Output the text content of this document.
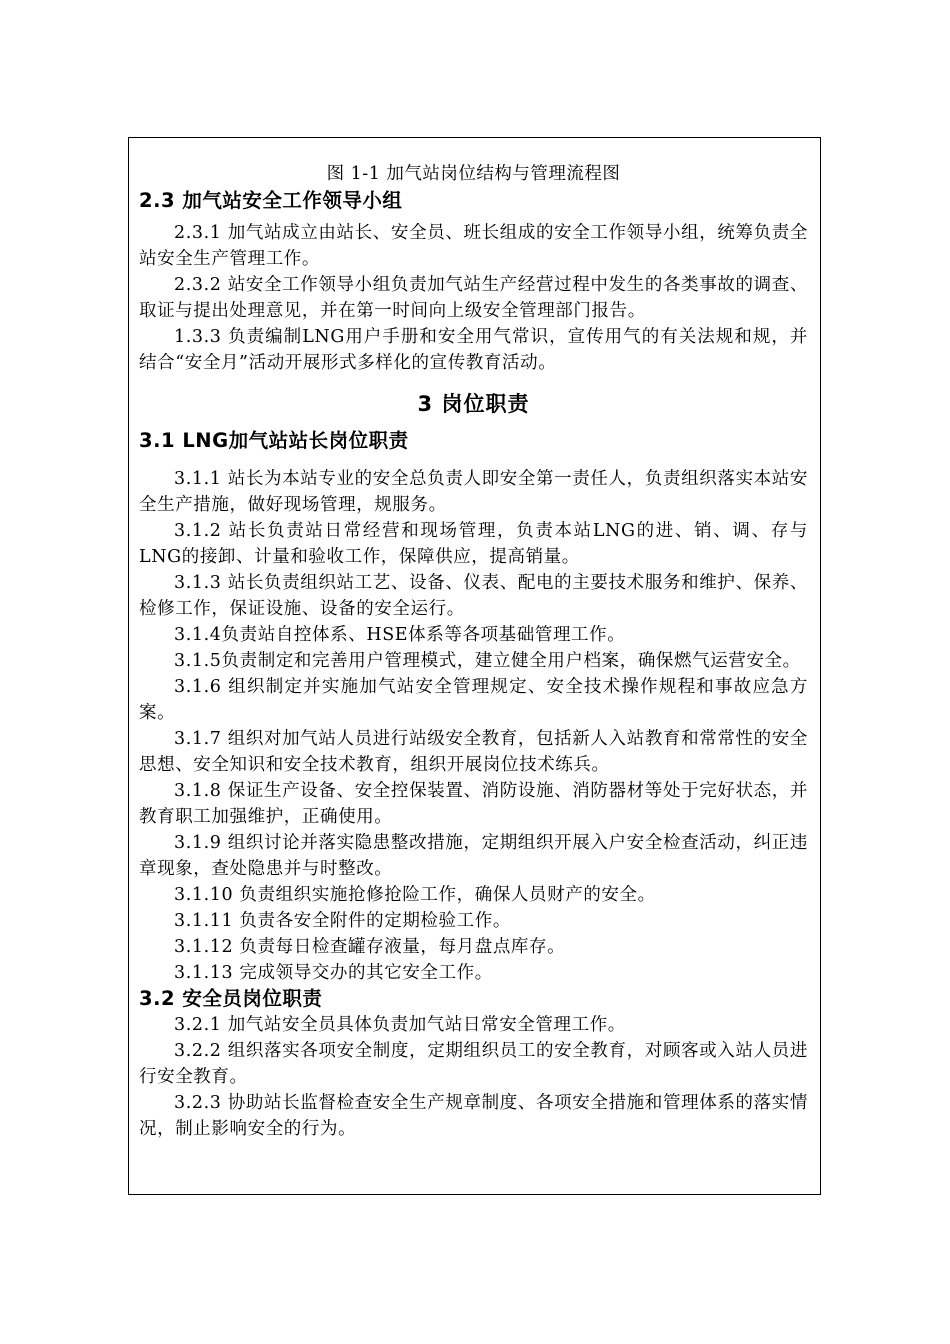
图 1-1 加气站岗位结构与管理流程图

2.3 加气站安全工作领导小组

2.3.1 加气站成立由站长、安全员、班长组成的安全工作领导小组，统筹负责全站安全生产管理工作。

2.3.2 站安全工作领导小组负责加气站生产经营过程中发生的各类事故的调查、取证与提出处理意见，并在第一时间向上级安全管理部门报告。

1.3.3 负责编制LNG用户手册和安全用气常识，宣传用气的有关法规和规，并结合“安全月”活动开展形式多样化的宣传教育活动。

3 岗位职责
3.1 LNG加气站站长岗位职责

3.1.1 站长为本站专业的安全总负责人即安全第一责任人，负责组织落实本站安全生产措施，做好现场管理，规服务。

3.1.2 站长负责站日常经营和现场管理，负责本站LNG的进、销、调、存与LNG的接卸、计量和验收工作，保障供应，提高销量。

3.1.3 站长负责组织站工艺、设备、仪表、配电的主要技术服务和维护、保养、检修工作，保证设施、设备的安全运行。

3.1.4负责站自控体系、HSE体系等各项基础管理工作。

3.1.5负责制定和完善用户管理模式，建立健全用户档案，确保燃气运营安全。

3.1.6 组织制定并实施加气站安全管理规定、安全技术操作规程和事故应急方案。

3.1.7 组织对加气站人员进行站级安全教育，包括新人入站教育和常常性的安全思想、安全知识和安全技术教育，组织开展岗位技术练兵。

3.1.8 保证生产设备、安全控保装置、消防设施、消防器材等处于完好状态，并教育职工加强维护，正确使用。

3.1.9 组织讨论并落实隐患整改措施，定期组织开展入户安全检查活动，纠正违章现象，查处隐患并与时整改。

3.1.10 负责组织实施抢修抢险工作，确保人员财产的安全。

3.1.11 负责各安全附件的定期检验工作。

3.1.12 负责每日检查罐存液量，每月盘点库存。

3.1.13 完成领导交办的其它安全工作。

3.2 安全员岗位职责

3.2.1 加气站安全员具体负责加气站日常安全管理工作。

3.2.2 组织落实各项安全制度，定期组织员工的安全教育，对顾客或入站人员进行安全教育。

3.2.3 协助站长监督检查安全生产规章制度、各项安全措施和管理体系的落实情况，制止影响安全的行为。
